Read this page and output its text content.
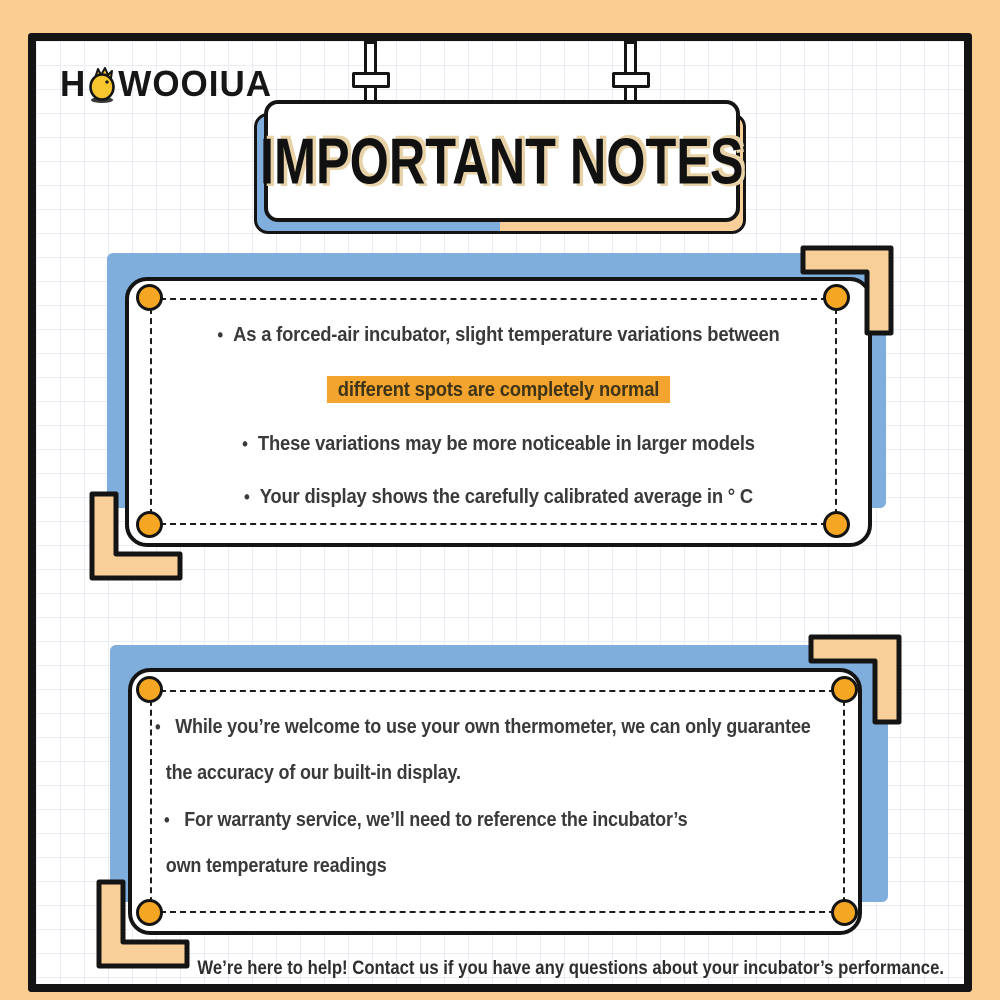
H WOOIUA
IMPORTANT NOTES
• As a forced-air incubator, slight temperature variations between
different spots are completely normal
• These variations may be more noticeable in larger models
• Your display shows the carefully calibrated average in ° C
• While you’re welcome to use your own thermometer, we can only guarantee
the accuracy of our built-in display.
• For warranty service, we’ll need to reference the incubator’s
own temperature readings
We’re here to help! Contact us if you have any questions about your incubator’s performance.
